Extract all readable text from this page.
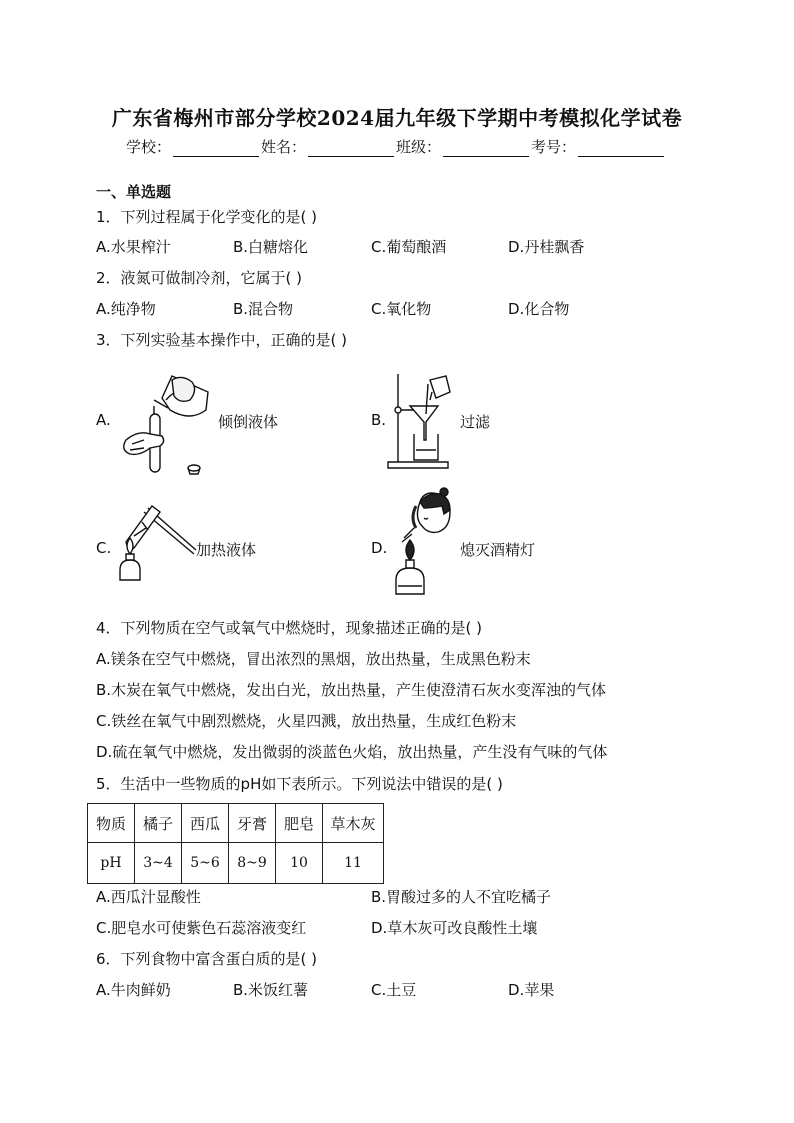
广东省梅州市部分学校2024届九年级下学期中考模拟化学试卷
学校：	姓名：	班级：	考号：
一、单选题
1．下列过程属于化学变化的是( )
A.水果榨汁	B.白糖熔化	C.葡萄酿酒	D.丹桂飘香
2．液氮可做制冷剂，它属于( )
A.纯净物	B.混合物	C.氧化物	D.化合物
3．下列实验基本操作中，正确的是( )
A.	倾倒液体	B.	过滤
C.	加热液体	D.	熄灭酒精灯
4．下列物质在空气或氧气中燃烧时，现象描述正确的是( )
A.镁条在空气中燃烧，冒出浓烈的黑烟，放出热量，生成黑色粉末
B.木炭在氧气中燃烧，发出白光，放出热量，产生使澄清石灰水变浑浊的气体
C.铁丝在氧气中剧烈燃烧，火星四溅，放出热量，生成红色粉末
D.硫在氧气中燃烧，发出微弱的淡蓝色火焰，放出热量，产生没有气味的气体
5．生活中一些物质的pH如下表所示。下列说法中错误的是( )
物质	橘子	西瓜	牙膏	肥皂	草木灰
pH	3~4	5~6	8~9	10	11
A.西瓜汁显酸性	B.胃酸过多的人不宜吃橘子
C.肥皂水可使紫色石蕊溶液变红	D.草木灰可改良酸性土壤
6．下列食物中富含蛋白质的是( )
A.牛肉鲜奶	B.米饭红薯	C.土豆	D.苹果
